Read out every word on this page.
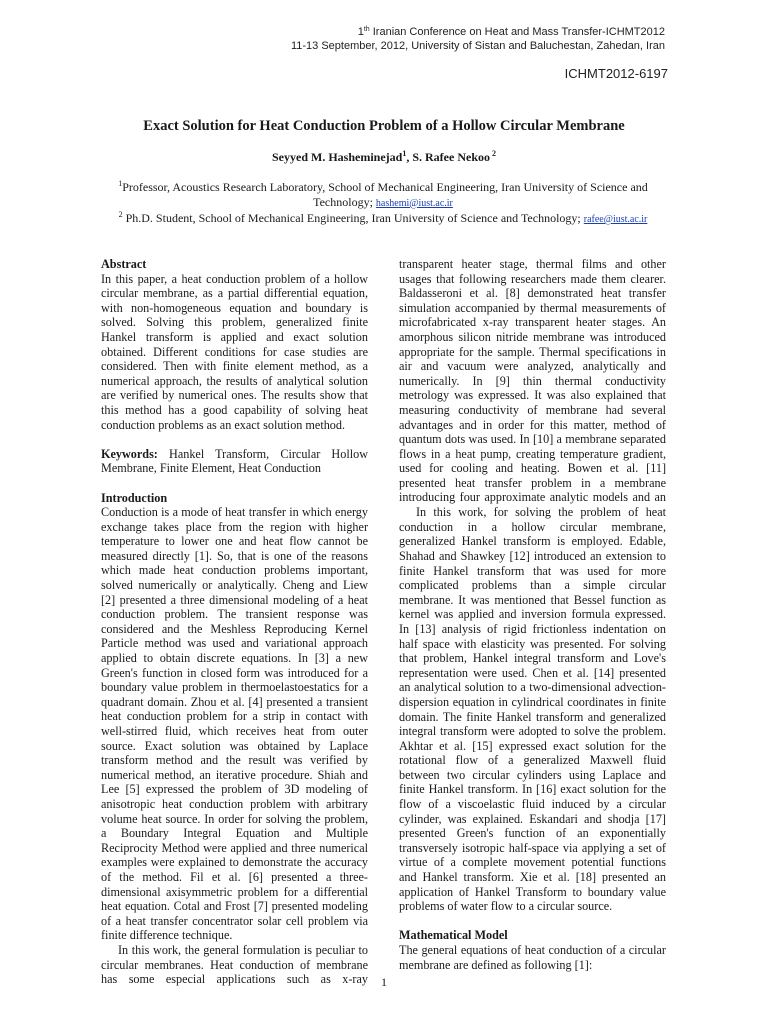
1th Iranian Conference on Heat and Mass Transfer-ICHMT2012
11-13 September, 2012, University of Sistan and Baluchestan, Zahedan, Iran
ICHMT2012-6197
Exact Solution for Heat Conduction Problem of a Hollow Circular Membrane
Seyyed M. Hasheminejad$^1$, S. Rafee Nekoo $^2$
$^1$Professor, Acoustics Research Laboratory, School of Mechanical Engineering, Iran University of Science and Technology; hashemi@iust.ac.ir
$^2$ Ph.D. Student, School of Mechanical Engineering, Iran University of Science and Technology; rafee@iust.ac.ir
Abstract

In this paper, a heat conduction problem of a hollow circular membrane, as a partial differential equation, with non-homogeneous equation and boundary is solved. Solving this problem, generalized finite Hankel transform is applied and exact solution obtained. Different conditions for case studies are considered. Then with finite element method, as a numerical approach, the results of analytical solution are verified by numerical ones. The results show that this method has a good capability of solving heat conduction problems as an exact solution method.

Keywords: Hankel Transform, Circular Hollow Membrane, Finite Element, Heat Conduction

Introduction

Conduction is a mode of heat transfer in which energy exchange takes place from the region with higher temperature to lower one and heat flow cannot be measured directly [1]. So, that is one of the reasons which made heat conduction problems important, solved numerically or analytically. Cheng and Liew [2] presented a three dimensional modeling of a heat conduction problem. The transient response was considered and the Meshless Reproducing Kernel Particle method was used and variational approach applied to obtain discrete equations. In [3] a new Green's function in closed form was introduced for a boundary value problem in thermoelastoestatics for a quadrant domain. Zhou et al. [4] presented a transient heat conduction problem for a strip in contact with well-stirred fluid, which receives heat from outer source. Exact solution was obtained by Laplace transform method and the result was verified by numerical method, an iterative procedure. Shiah and Lee [5] expressed the problem of 3D modeling of anisotropic heat conduction problem with arbitrary volume heat source. In order for solving the problem, a Boundary Integral Equation and Multiple Reciprocity Method were applied and three numerical examples were explained to demonstrate the accuracy of the method. Fil et al. [6] presented a three-dimensional axisymmetric problem for a differential heat equation. Cotal and Frost [7] presented modeling of a heat transfer concentrator solar cell problem via finite difference technique.

In this work, the general formulation is peculiar to circular membranes. Heat conduction of membrane has some especial applications such as x-ray

transparent heater stage, thermal films and other usages that following researchers made them clearer. Baldasseroni et al. [8] demonstrated heat transfer simulation accompanied by thermal measurements of microfabricated x-ray transparent heater stages. An amorphous silicon nitride membrane was introduced appropriate for the sample. Thermal specifications in air and vacuum were analyzed, analytically and numerically. In [9] thin thermal conductivity metrology was expressed. It was also explained that measuring conductivity of membrane had several advantages and in order for this matter, method of quantum dots was used. In [10] a membrane separated flows in a heat pump, creating temperature gradient, used for cooling and heating. Bowen et al. [11] presented heat transfer problem in a membrane introducing four approximate analytic models and an

In this work, for solving the problem of heat conduction in a hollow circular membrane, generalized Hankel transform is employed. Edable, Shahad and Shawkey [12] introduced an extension to finite Hankel transform that was used for more complicated problems than a simple circular membrane. It was mentioned that Bessel function as kernel was applied and inversion formula expressed. In [13] analysis of rigid frictionless indentation on half space with elasticity was presented. For solving that problem, Hankel integral transform and Love's representation were used. Chen et al. [14] presented an analytical solution to a two-dimensional advection-dispersion equation in cylindrical coordinates in finite domain. The finite Hankel transform and generalized integral transform were adopted to solve the problem. Akhtar et al. [15] expressed exact solution for the rotational flow of a generalized Maxwell fluid between two circular cylinders using Laplace and finite Hankel transform. In [16] exact solution for the flow of a viscoelastic fluid induced by a circular cylinder, was explained. Eskandari and shodja [17] presented Green's function of an exponentially transversely isotropic half-space via applying a set of virtue of a complete movement potential functions and Hankel transform. Xie et al. [18] presented an application of Hankel Transform to boundary value problems of water flow to a circular source.

Mathematical Model

The general equations of heat conduction of a circular membrane are defined as following [1]:

1
